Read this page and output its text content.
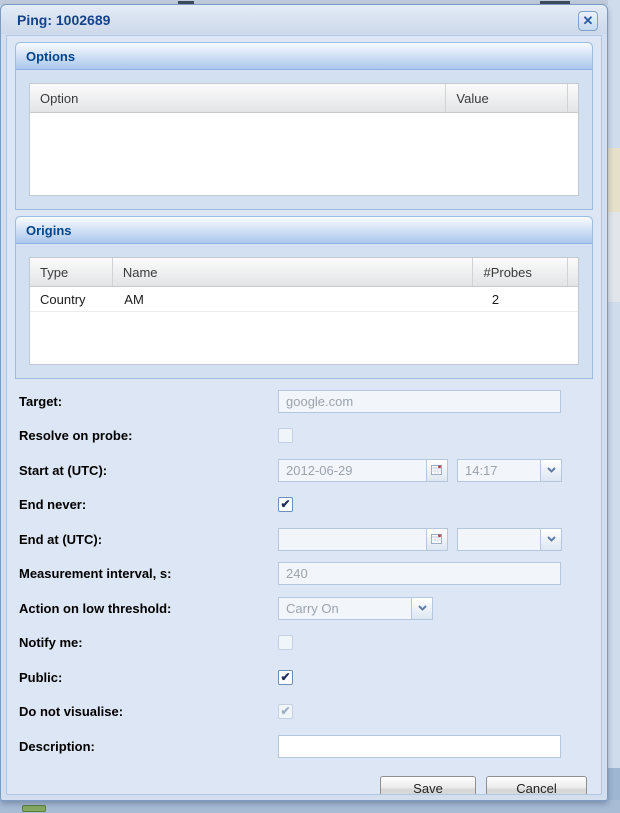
Ping: 1002689	✕
Options
Option	Value
Origins
Type	Name	#Probes
Country	AM	2
Target:
google.com
Resolve on probe:
Start at (UTC):
2012-06-29
14:17
End never:	✔
End at (UTC):
Measurement interval, s:
240
Action on low threshold:
Carry On
Notify me:
Public:	✔
Do not visualise:	✔
Description:
Save	Cancel
